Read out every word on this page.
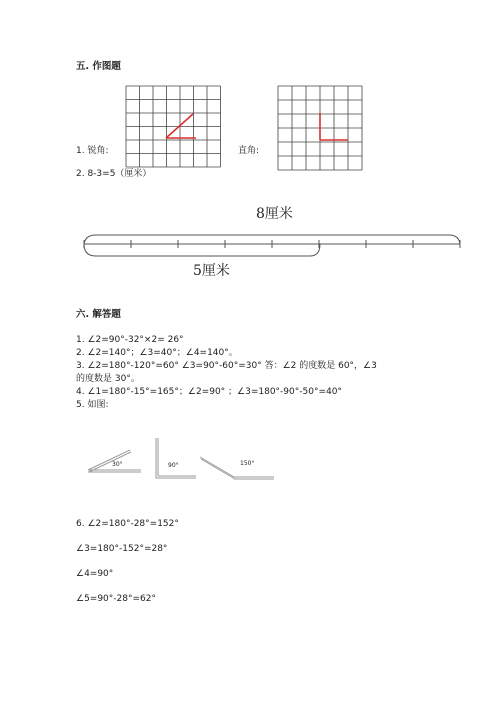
五. 作图题
1. 锐角:	直角:
2. 8-3=5（厘米）
8厘米
5厘米
六. 解答题
1. ∠2=90°-32°×2= 26°
2. ∠2=140°；∠3=40°；∠4=140°。
3. ∠2=180°-120°=60° ∠3=90°-60°=30° 答：∠2 的度数是 60°，∠3
的度数是 30°。
4. ∠1=180°-15°=165°；∠2=90° ；∠3=180°-90°-50°=40°
5. 如图:
30°	90°	150°
6. ∠2=180°-28°=152°
∠3=180°-152°=28°
∠4=90°
∠5=90°-28°=62°
